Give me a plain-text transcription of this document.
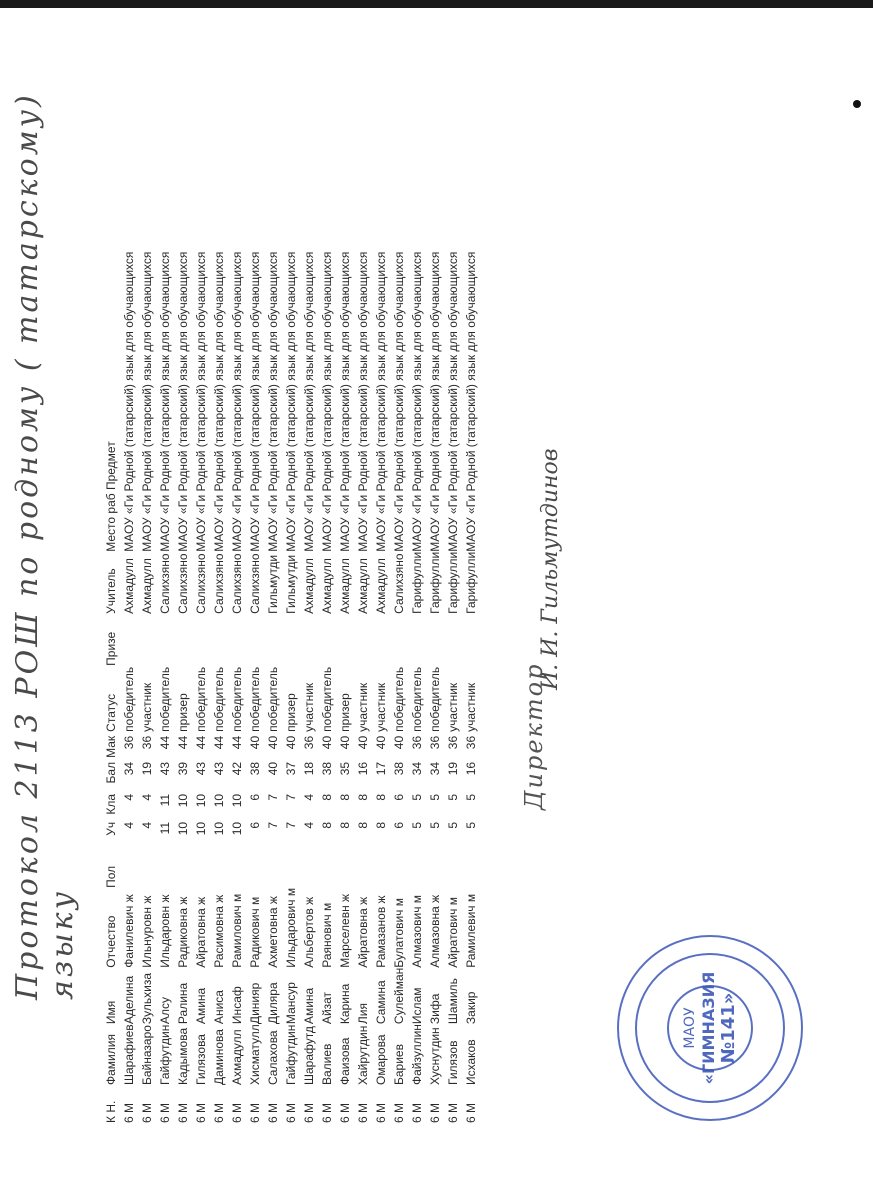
Протокол 2113 РОШ по родному ( татарскому) языку
К Н.	Фамилия	Имя	Отчество	Пол	Уч	Кла	Бал	Мак	Статус	Призе	Учитель	Место раб Предмет
6 М	Шарафиев	Аделина	Фанилевич ж		4	4	34	36	победитель		Ахмадулл	МАОУ «Ги Родной (татарский) язык для обучающихся
6 М	Байназаро	Зульхиза	Ильнуровн ж		4	4	19	36	участник		Ахмадулл	МАОУ «Ги Родной (татарский) язык для обучающихся
6 М	Гайфутдин	Алсу	Ильдаровн ж		11	11	43	44	победитель		Салихзяно	МАОУ «Ги Родной (татарский) язык для обучающихся
6 М	Кадымова	Ралина	Радиковна ж		10	10	39	44	призер		Салихзяно	МАОУ «Ги Родной (татарский) язык для обучающихся
6 М	Гилязова	Амина	Айратовна ж		10	10	43	44	победитель		Салихзяно	МАОУ «Ги Родной (татарский) язык для обучающихся
6 М	Даминова	Аниса	Расимовна ж		10	10	43	44	победитель		Салихзяно	МАОУ «Ги Родной (татарский) язык для обучающихся
6 М	Ахмадулл	Инсаф	Рамилович м		10	10	42	44	победитель		Салихзяно	МАОУ «Ги Родной (татарский) язык для обучающихся
6 М	Хисматулл	Динияр	Радикович м		6	6	38	40	победитель		Салихзяно	МАОУ «Ги Родной (татарский) язык для обучающихся
6 М	Салахова	Диляра	Ахметовна ж		7	7	40	40	победитель		Гильмутди	МАОУ «Ги Родной (татарский) язык для обучающихся
6 М	Гайфутдин	Мансур	Ильдарович м		7	7	37	40	призер		Гильмутди	МАОУ «Ги Родной (татарский) язык для обучающихся
6 М	Шарафутд	Амина	Альбертов ж		4	4	18	36	участник		Ахмадулл	МАОУ «Ги Родной (татарский) язык для обучающихся
6 М	Валиев	Айзат	Раянович м		8	8	38	40	победитель		Ахмадулл	МАОУ «Ги Родной (татарский) язык для обучающихся
6 М	Фаизова	Карина	Марселевн ж		8	8	35	40	призер		Ахмадулл	МАОУ «Ги Родной (татарский) язык для обучающихся
6 М	Хайрутдин	Лия	Айратовна ж		8	8	16	40	участник		Ахмадулл	МАОУ «Ги Родной (татарский) язык для обучающихся
6 М	Омарова	Самина	Рамазанов ж		8	8	17	40	участник		Ахмадулл	МАОУ «Ги Родной (татарский) язык для обучающихся
6 М	Бариев	Сулейман	Булатович м		6	6	38	40	победитель		Салихзяно	МАОУ «Ги Родной (татарский) язык для обучающихся
6 М	Файзуллин	Ислам	Алмазович м		5	5	34	36	победитель		Гарифулли	МАОУ «Ги Родной (татарский) язык для обучающихся
6 М	Хуснутдин	Зифа	Алмазовна ж		5	5	34	36	победитель		Гарифулли	МАОУ «Ги Родной (татарский) язык для обучающихся
6 М	Гилязов	Шамиль	Айратович м		5	5	19	36	участник		Гарифулли	МАОУ «Ги Родной (татарский) язык для обучающихся
6 М	Исхаков	Закир	Рамилевич м		5	5	16	36	участник		Гарифулли	МАОУ «Ги Родной (татарский) язык для обучающихся
Директор
И. И. Гильмутдинов
МАОУ «ГИМНАЗИЯ №141»
